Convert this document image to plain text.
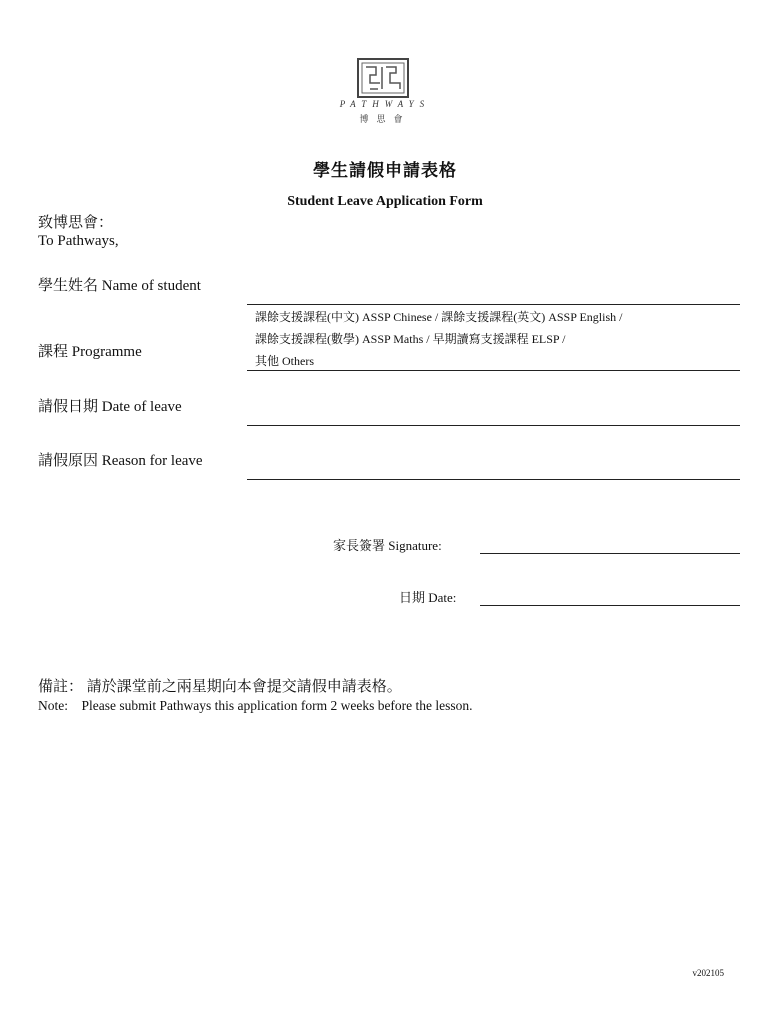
PATHWAYS
博思會
學生請假申請表格
Student Leave Application Form
致博思會：
To Pathways,
學生姓名 Name of student
課程 Programme
課餘支援課程(中文) ASSP Chinese / 課餘支援課程(英文) ASSP English /
課餘支援課程(數學) ASSP Maths / 早期讀寫支援課程 ELSP /
其他 Others
請假日期 Date of leave
請假原因 Reason for leave
家長簽署 Signature:
日期 Date:
備註： 請於課堂前之兩星期向本會提交請假申請表格。
Note:    Please submit Pathways this application form 2 weeks before the lesson.
v202105
